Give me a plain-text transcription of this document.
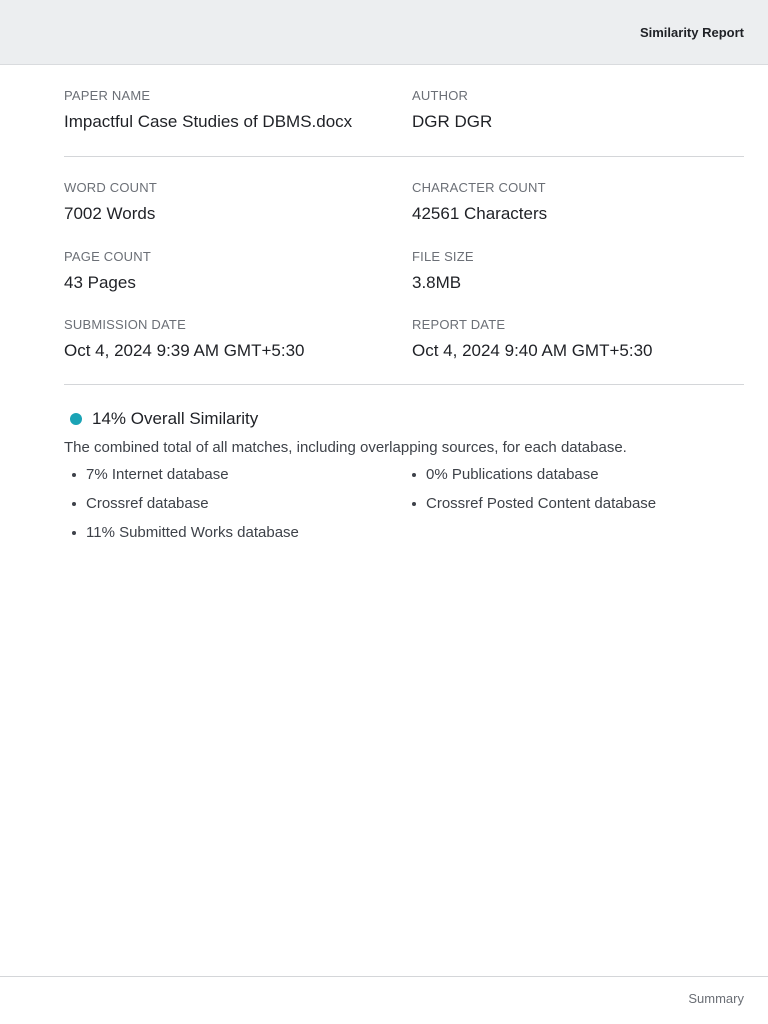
Similarity Report
PAPER NAME
Impactful Case Studies of DBMS.docx
AUTHOR
DGR DGR
WORD COUNT
7002 Words
CHARACTER COUNT
42561 Characters
PAGE COUNT
43 Pages
FILE SIZE
3.8MB
SUBMISSION DATE
Oct 4, 2024 9:39 AM GMT+5:30
REPORT DATE
Oct 4, 2024 9:40 AM GMT+5:30
14% Overall Similarity
The combined total of all matches, including overlapping sources, for each database.
7% Internet database	0% Publications database
Crossref database	Crossref Posted Content database
11% Submitted Works database
Summary
